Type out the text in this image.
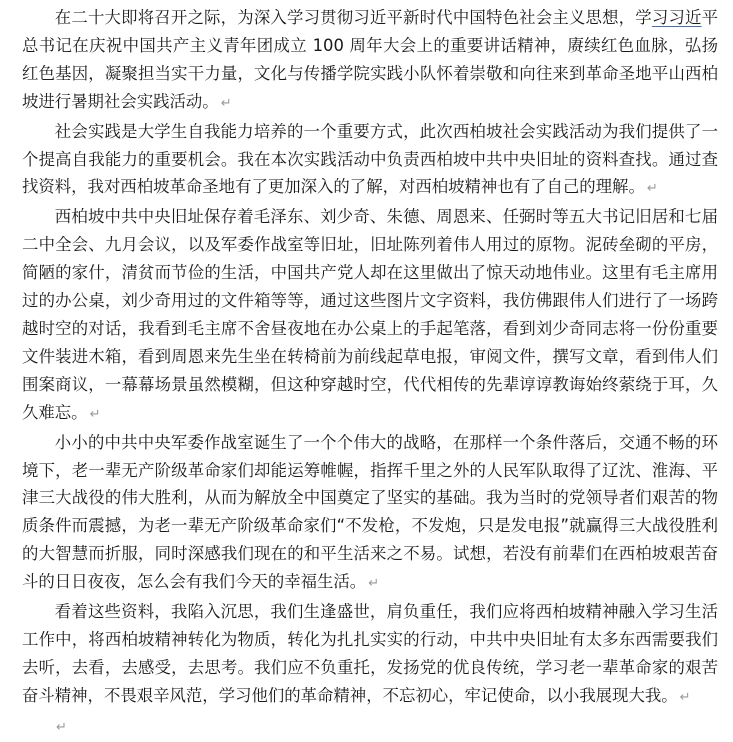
在二十大即将召开之际，为深入学习贯彻习近平新时代中国特色社会主义思想，学习习近平总书记在庆祝中国共产主义青年团成立 100 周年大会上的重要讲话精神，赓续红色血脉，弘扬红色基因，凝聚担当实干力量，文化与传播学院实践小队怀着崇敬和向往来到革命圣地平山西柏坡进行暑期社会实践活动。 ↵

社会实践是大学生自我能力培养的一个重要方式，此次西柏坡社会实践活动为我们提供了一个提高自我能力的重要机会。我在本次实践活动中负责西柏坡中共中央旧址的资料查找。通过查找资料，我对西柏坡革命圣地有了更加深入的了解，对西柏坡精神也有了自己的理解。 ↵

西柏坡中共中央旧址保存着毛泽东、刘少奇、朱德、周恩来、任弼时等五大书记旧居和七届二中全会、九月会议，以及军委作战室等旧址，旧址陈列着伟人用过的原物。泥砖垒砌的平房，简陋的家什，清贫而节俭的生活，中国共产党人却在这里做出了惊天动地伟业。这里有毛主席用过的办公桌，刘少奇用过的文件箱等等，通过这些图片文字资料，我仿佛跟伟人们进行了一场跨越时空的对话，我看到毛主席不舍昼夜地在办公桌上的手起笔落，看到刘少奇同志将一份份重要文件装进木箱，看到周恩来先生坐在转椅前为前线起草电报，审阅文件，撰写文章，看到伟人们围案商议，一幕幕场景虽然模糊，但这种穿越时空，代代相传的先辈谆谆教诲始终萦绕于耳，久久难忘。 ↵

小小的中共中央军委作战室诞生了一个个伟大的战略，在那样一个条件落后，交通不畅的环境下，老一辈无产阶级革命家们却能运筹帷幄，指挥千里之外的人民军队取得了辽沈、淮海、平津三大战役的伟大胜利，从而为解放全中国奠定了坚实的基础。我为当时的党领导者们艰苦的物质条件而震撼，为老一辈无产阶级革命家们“不发枪，不发炮，只是发电报”就赢得三大战役胜利的大智慧而折服，同时深感我们现在的和平生活来之不易。试想，若没有前辈们在西柏坡艰苦奋斗的日日夜夜，怎么会有我们今天的幸福生活。 ↵

看着这些资料，我陷入沉思，我们生逢盛世，肩负重任，我们应将西柏坡精神融入学习生活工作中，将西柏坡精神转化为物质，转化为扎扎实实的行动，中共中央旧址有太多东西需要我们去听，去看，去感受，去思考。我们应不负重托，发扬党的优良传统，学习老一辈革命家的艰苦奋斗精神，不畏艰辛风范，学习他们的革命精神，不忘初心，牢记使命，以小我展现大我。 ↵

↵
